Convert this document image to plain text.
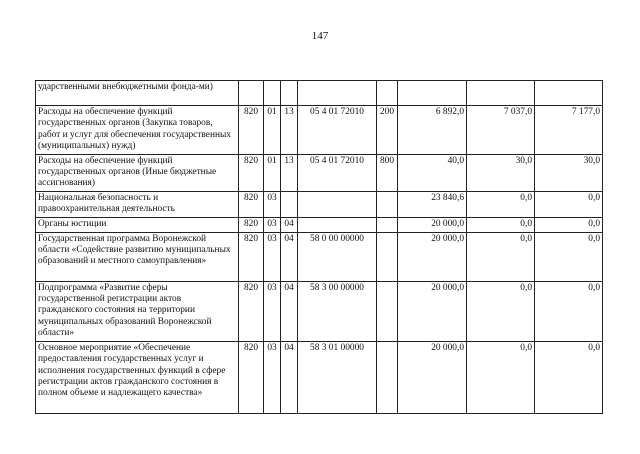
147
ударственными внебюджетными фонда-ми)								
Расходы на обеспечение функций государственных органов (Закупка товаров, работ и услуг для обеспечения государственных (муниципальных) нужд)	820	01	13	05 4 01 72010	200	6 892,0	7 037,0	7 177,0
Расходы на обеспечение функций государственных органов (Иные бюджетные ассигнования)	820	01	13	05 4 01 72010	800	40,0	30,0	30,0
Национальная безопасность и правоохранительная деятельность	820	03				23 840,6	0,0	0,0
Органы юстиции	820	03	04			20 000,0	0,0	0,0
Государственная программа Воронежской области «Содействие развитию муниципальных образований и местного самоуправления»	820	03	04	58 0 00 00000		20 000,0	0,0	0,0
Подпрограмма «Развитие сферы государственной регистрации актов гражданского состояния на территории муниципальных образований Воронежской области»	820	03	04	58 3 00 00000		20 000,0	0,0	0,0
Основное мероприятие «Обеспечение предоставления государственных услуг и исполнения государственных функций в сфере регистрации актов гражданского состояния в полном объеме и надлежащего качества»	820	03	04	58 3 01 00000		20 000,0	0,0	0,0
